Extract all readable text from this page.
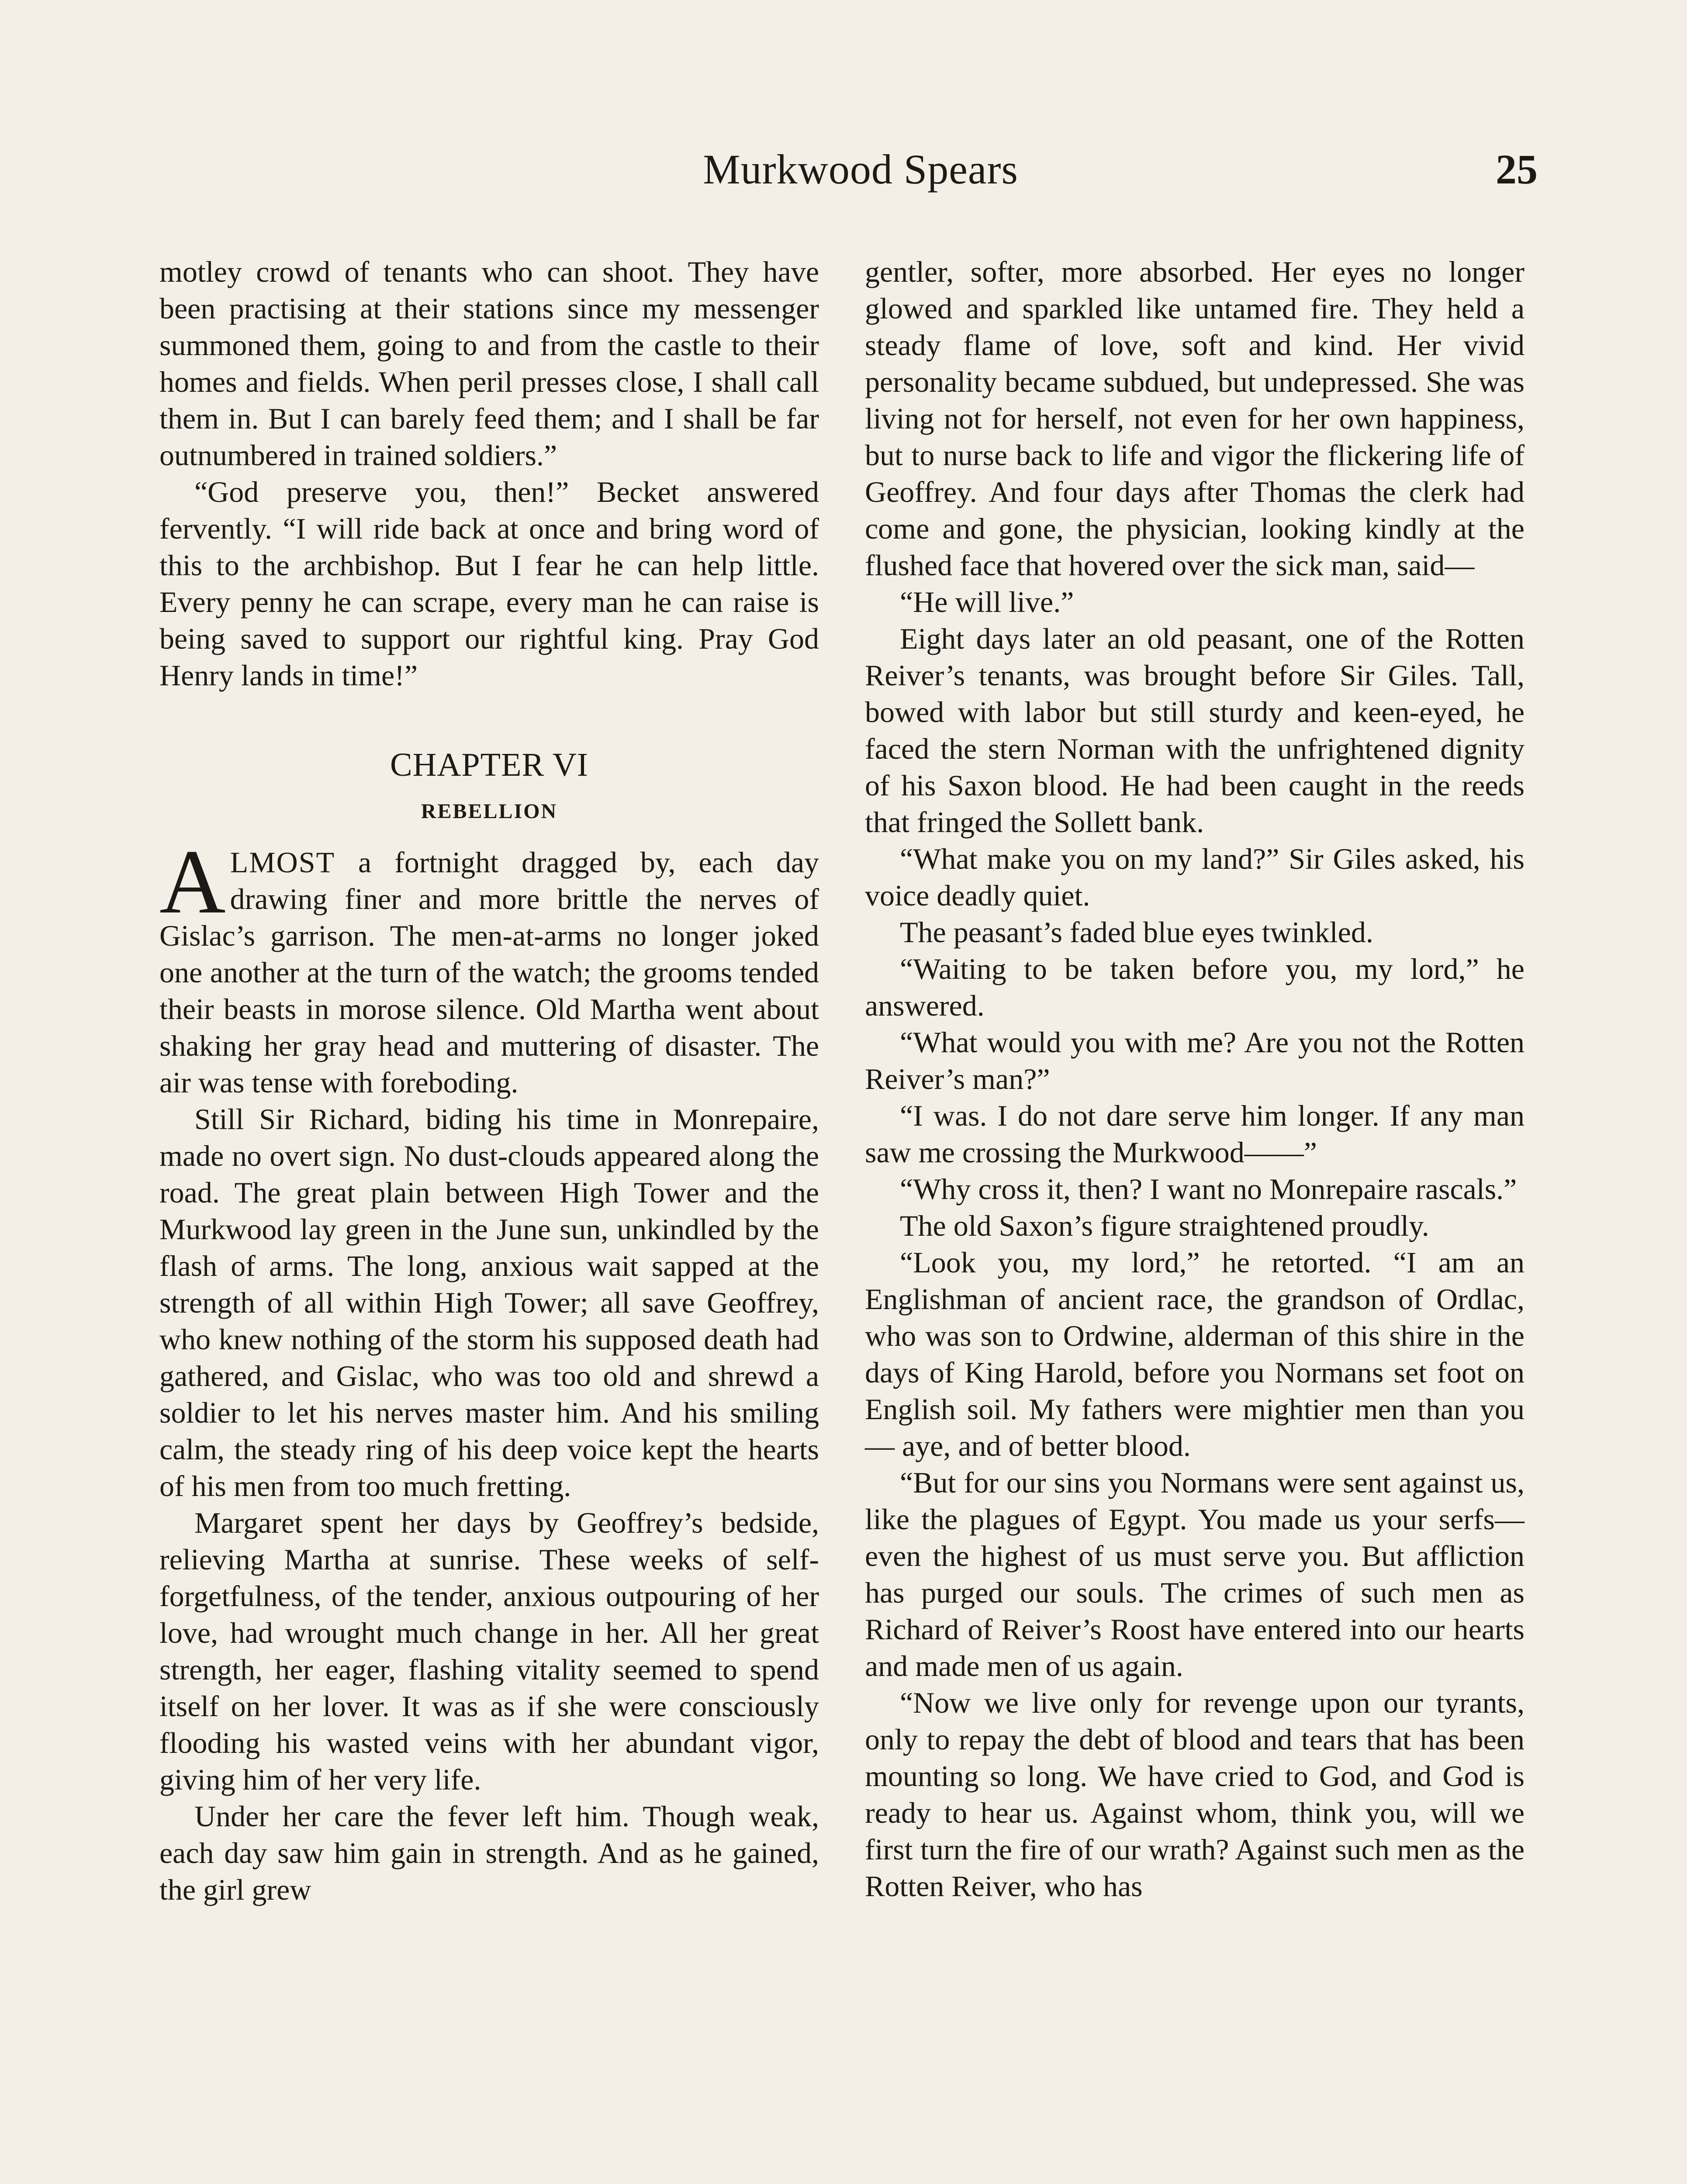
Murkwood Spears	25

motley crowd of tenants who can shoot. They have been practising at their stations since my messenger summoned them, going to and from the castle to their homes and fields. When peril presses close, I shall call them in. But I can barely feed them; and I shall be far outnumbered in trained soldiers.”

“God preserve you, then!” Becket answered fervently. “I will ride back at once and bring word of this to the archbishop. But I fear he can help little. Every penny he can scrape, every man he can raise is being saved to support our rightful king. Pray God Henry lands in time!”

CHAPTER VI
REBELLION

ALMOST a fortnight dragged by, each day drawing finer and more brittle the nerves of Gislac’s garrison. The men-at-arms no longer joked one another at the turn of the watch; the grooms tended their beasts in morose silence. Old Martha went about shaking her gray head and muttering of disaster. The air was tense with foreboding.

Still Sir Richard, biding his time in Monrepaire, made no overt sign. No dust-clouds appeared along the road. The great plain between High Tower and the Murkwood lay green in the June sun, unkindled by the flash of arms. The long, anxious wait sapped at the strength of all within High Tower; all save Geoffrey, who knew nothing of the storm his supposed death had gathered, and Gislac, who was too old and shrewd a soldier to let his nerves master him. And his smiling calm, the steady ring of his deep voice kept the hearts of his men from too much fretting.

Margaret spent her days by Geoffrey’s bedside, relieving Martha at sunrise. These weeks of self-forgetfulness, of the tender, anxious outpouring of her love, had wrought much change in her. All her great strength, her eager, flashing vitality seemed to spend itself on her lover. It was as if she were consciously flooding his wasted veins with her abundant vigor, giving him of her very life.

Under her care the fever left him. Though weak, each day saw him gain in strength. And as he gained, the girl grew

gentler, softer, more absorbed. Her eyes no longer glowed and sparkled like untamed fire. They held a steady flame of love, soft and kind. Her vivid personality became subdued, but undepressed. She was living not for herself, not even for her own happiness, but to nurse back to life and vigor the flickering life of Geoffrey. And four days after Thomas the clerk had come and gone, the physician, looking kindly at the flushed face that hovered over the sick man, said—

“He will live.”

Eight days later an old peasant, one of the Rotten Reiver’s tenants, was brought before Sir Giles. Tall, bowed with labor but still sturdy and keen-eyed, he faced the stern Norman with the unfrightened dignity of his Saxon blood. He had been caught in the reeds that fringed the Sollett bank.

“What make you on my land?” Sir Giles asked, his voice deadly quiet.

The peasant’s faded blue eyes twinkled.

“Waiting to be taken before you, my lord,” he answered.

“What would you with me? Are you not the Rotten Reiver’s man?”

“I was. I do not dare serve him longer. If any man saw me crossing the Murkwood——”

“Why cross it, then? I want no Monrepaire rascals.”

The old Saxon’s figure straightened proudly.

“Look you, my lord,” he retorted. “I am an Englishman of ancient race, the grandson of Ordlac, who was son to Ordwine, alderman of this shire in the days of King Harold, before you Normans set foot on English soil. My fathers were mightier men than you — aye, and of better blood.

“But for our sins you Normans were sent against us, like the plagues of Egypt. You made us your serfs—even the highest of us must serve you. But affliction has purged our souls. The crimes of such men as Richard of Reiver’s Roost have entered into our hearts and made men of us again.

“Now we live only for revenge upon our tyrants, only to repay the debt of blood and tears that has been mounting so long. We have cried to God, and God is ready to hear us. Against whom, think you, will we first turn the fire of our wrath? Against such men as the Rotten Reiver, who has
